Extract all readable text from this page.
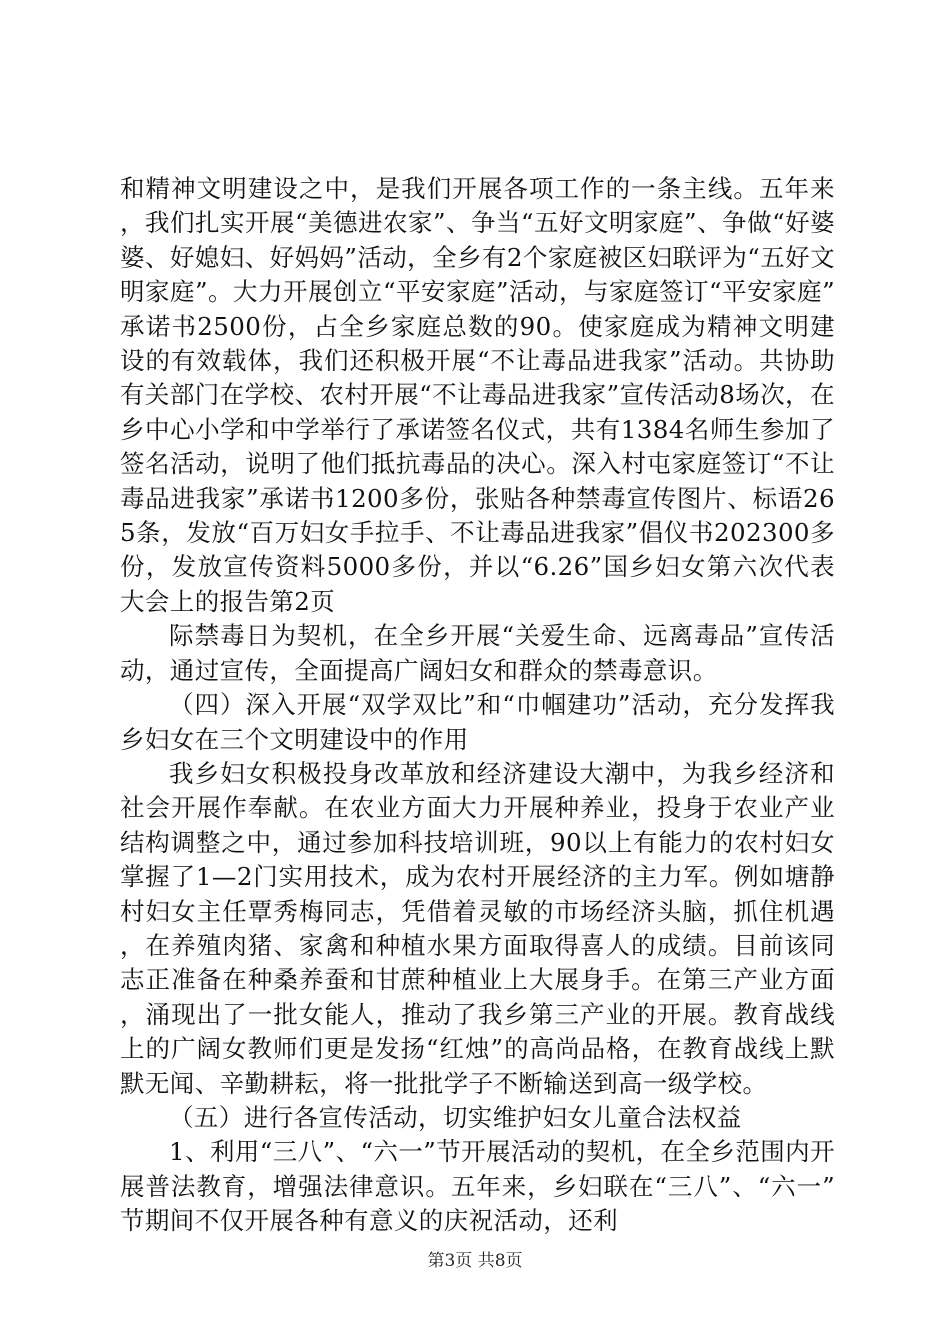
和精神文明建设之中，是我们开展各项工作的一条主线。五年来，我们扎实开展“美德进农家”、争当“五好文明家庭”、争做“好婆婆、好媳妇、好妈妈”活动，全乡有2个家庭被区妇联评为“五好文明家庭”。大力开展创立“平安家庭”活动，与家庭签订“平安家庭”承诺书2500份，占全乡家庭总数的90。使家庭成为精神文明建设的有效载体，我们还积极开展“不让毒品进我家”活动。共协助有关部门在学校、农村开展“不让毒品进我家”宣传活动8场次，在乡中心小学和中学举行了承诺签名仪式，共有1384名师生参加了签名活动，说明了他们抵抗毒品的决心。深入村屯家庭签订“不让毒品进我家”承诺书1200多份，张贴各种禁毒宣传图片、标语265条，发放“百万妇女手拉手、不让毒品进我家”倡仪书202300多份，发放宣传资料5000多份，并以“6.26”国乡妇女第六次代表大会上的报告第2页

际禁毒日为契机，在全乡开展“关爱生命、远离毒品”宣传活动，通过宣传，全面提高广阔妇女和群众的禁毒意识。

（四）深入开展“双学双比”和“巾帼建功”活动，充分发挥我乡妇女在三个文明建设中的作用

我乡妇女积极投身改革放和经济建设大潮中，为我乡经济和社会开展作奉献。在农业方面大力开展种养业，投身于农业产业结构调整之中，通过参加科技培训班，90以上有能力的农村妇女掌握了1—2门实用技术，成为农村开展经济的主力军。例如塘静村妇女主任覃秀梅同志，凭借着灵敏的市场经济头脑，抓住机遇，在养殖肉猪、家禽和种植水果方面取得喜人的成绩。目前该同志正准备在种桑养蚕和甘蔗种植业上大展身手。在第三产业方面，涌现出了一批女能人，推动了我乡第三产业的开展。教育战线上的广阔女教师们更是发扬“红烛”的高尚品格，在教育战线上默默无闻、辛勤耕耘，将一批批学子不断输送到高一级学校。

（五）进行各宣传活动，切实维护妇女儿童合法权益

1、利用“三八”、“六一”节开展活动的契机，在全乡范围内开展普法教育，增强法律意识。五年来，乡妇联在“三八”、“六一”节期间不仅开展各种有意义的庆祝活动，还利

第3页 共8页
